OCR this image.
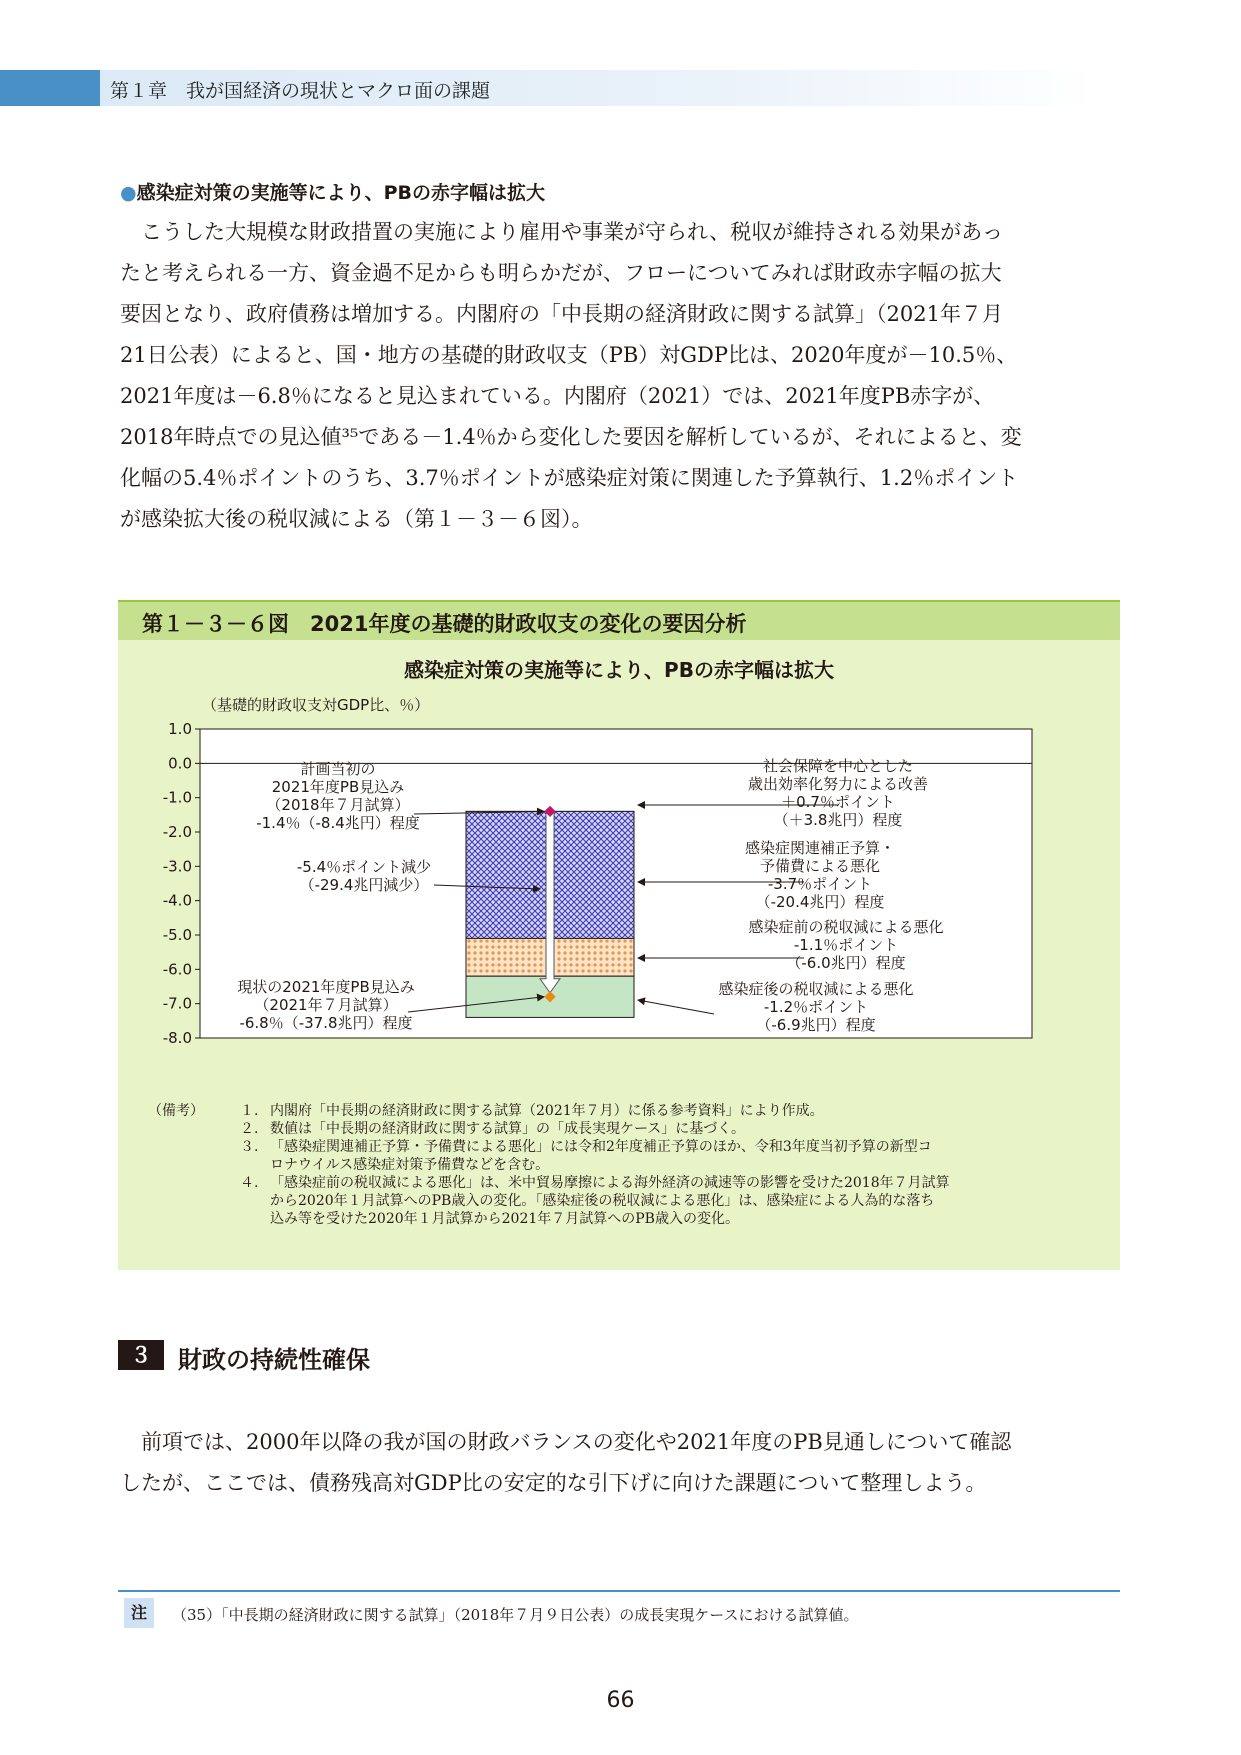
第１章　我が国経済の現状とマクロ面の課題
●感染症対策の実施等により、PBの赤字幅は拡大

こうした大規模な財政措置の実施により雇用や事業が守られ、税収が維持される効果があっ

たと考えられる一方、資金過不足からも明らかだが、フローについてみれば財政赤字幅の拡大

要因となり、政府債務は増加する。内閣府の「中長期の経済財政に関する試算」（2021年７月

21日公表）によると、国・地方の基礎的財政収支（PB）対GDP比は、2020年度が－10.5％、

2021年度は－6.8％になると見込まれている。内閣府（2021）では、2021年度PB赤字が、

2018年時点での見込値³⁵である－1.4％から変化した要因を解析しているが、それによると、変

化幅の5.4％ポイントのうち、3.7％ポイントが感染症対策に関連した予算執行、1.2％ポイント

が感染拡大後の税収減による（第１－３－６図）。

第１－３－６図　2021年度の基礎的財政収支の変化の要因分析
感染症対策の実施等により、PBの赤字幅は拡大
（基礎的財政収支対GDP比、％）
1.0
0.0
-1.0
-2.0
-3.0
-4.0
-5.0
-6.0
-7.0
-8.0
計画当初の 2021年度PB見込み（2018年７月試算）-1.4％（-8.4兆円）程度
-5.4％ポイント減少（-29.4兆円減少）
現状の2021年度PB見込み（2021年７月試算）-6.8％（-37.8兆円）程度
社会保障を中心とした歳出効率化努力による改善＋0.7％ポイント（＋3.8兆円）程度
感染症関連補正予算・予備費による悪化-3.7％ポイント（-20.4兆円）程度
感染症前の税収減による悪化-1.1％ポイント（-6.0兆円）程度
感染症後の税収減による悪化-1.2％ポイント（-6.9兆円）程度
（備考）	１. 内閣府「中長期の経済財政に関する試算（2021年７月）に係る参考資料」により作成。
２. 数値は「中長期の経済財政に関する試算」の「成長実現ケース」に基づく。
３. 「感染症関連補正予算・予備費による悪化」には令和2年度補正予算のほか、令和3年度当初予算の新型コ
ロナウイルス感染症対策予備費などを含む。
４. 「感染症前の税収減による悪化」は、米中貿易摩擦による海外経済の減速等の影響を受けた2018年７月試算
から2020年１月試算へのPB歳入の変化。「感染症後の税収減による悪化」は、感染症による人為的な落ち
込み等を受けた2020年１月試算から2021年７月試算へのPB歳入の変化。
３	財政の持続性確保

前項では、2000年以降の我が国の財政バランスの変化や2021年度のPB見通しについて確認

したが、ここでは、債務残高対GDP比の安定的な引下げに向けた課題について整理しよう。

注	（35）「中長期の経済財政に関する試算」（2018年７月９日公表）の成長実現ケースにおける試算値。
66
